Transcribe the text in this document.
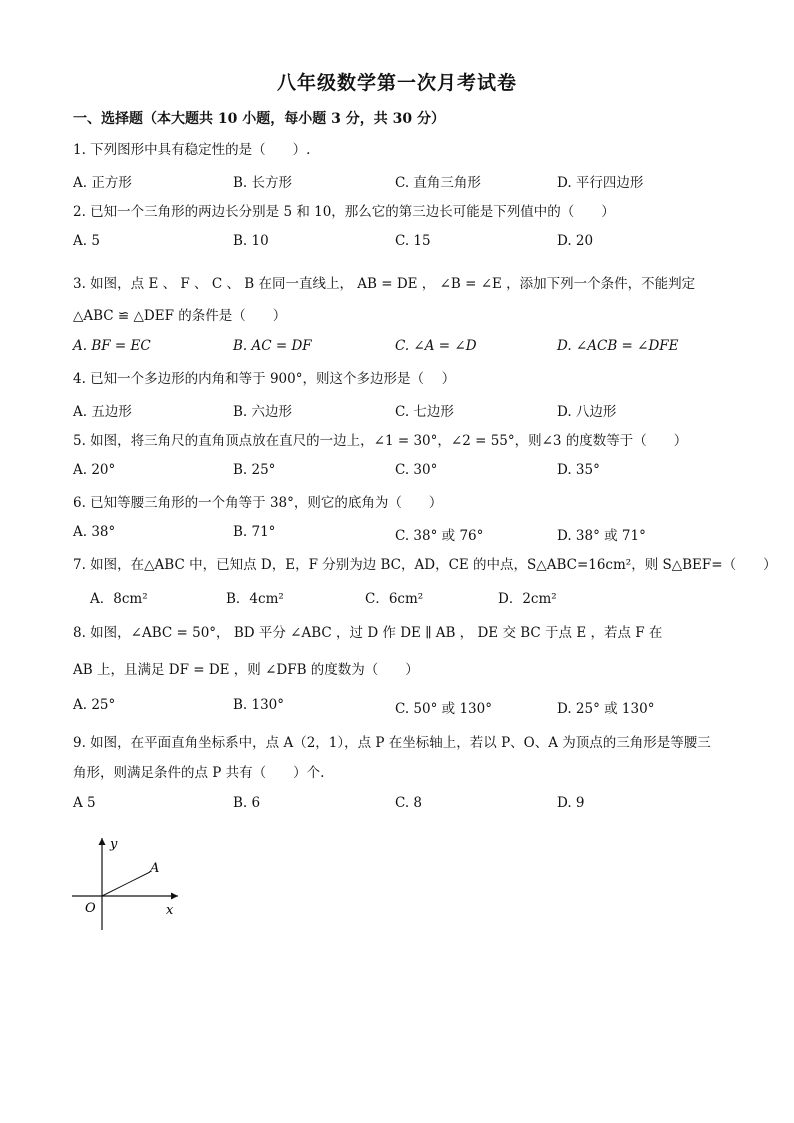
八年级数学第一次月考试卷
一、选择题（本大题共 10 小题，每小题 3 分，共 30 分）
1. 下列图形中具有稳定性的是（　　）.
A. 正方形	B. 长方形	C. 直角三角形	D. 平行四边形
2. 已知一个三角形的两边长分别是 5 和 10，那么它的第三边长可能是下列值中的（　　）
A. 5	B. 10	C. 15	D. 20
3. 如图，点 E 、 F 、 C 、 B 在同一直线上， AB = DE ， ∠B = ∠E ，添加下列一个条件，不能判定
△ABC ≌ △DEF 的条件是（　　）
A. BF = EC	B. AC = DF	C. ∠A = ∠D	D. ∠ACB = ∠DFE
4. 已知一个多边形的内角和等于 900°，则这个多边形是（　 ）
A. 五边形	B. 六边形	C. 七边形	D. 八边形
5. 如图，将三角尺的直角顶点放在直尺的一边上，∠1 = 30°，∠2 = 55°，则∠3 的度数等于（　　）
A. 20°	B. 25°	C. 30°	D. 35°
6. 已知等腰三角形的一个角等于 38°，则它的底角为（　　）
A. 38°	B. 71°	C. 38° 或 76°	D. 38° 或 71°
7. 如图，在△ABC 中，已知点 D，E，F 分别为边 BC，AD，CE 的中点，S△ABC=16cm²，则 S△BEF=（　　）
A．8cm²	B．4cm²	C．6cm²	D．2cm²
8. 如图，∠ABC = 50°， BD 平分 ∠ABC ，过 D 作 DE ∥ AB ， DE 交 BC 于点 E ，若点 F 在
AB 上，且满足 DF = DE ，则 ∠DFB 的度数为（　　）
A. 25°	B. 130°	C. 50° 或 130°	D. 25° 或 130°
9. 如图，在平面直角坐标系中，点 A（2，1），点 P 在坐标轴上，若以 P、O、A 为顶点的三角形是等腰三
角形，则满足条件的点 P 共有（　　）个.
A 5	B. 6	C. 8	D. 9
y
x
O
A
